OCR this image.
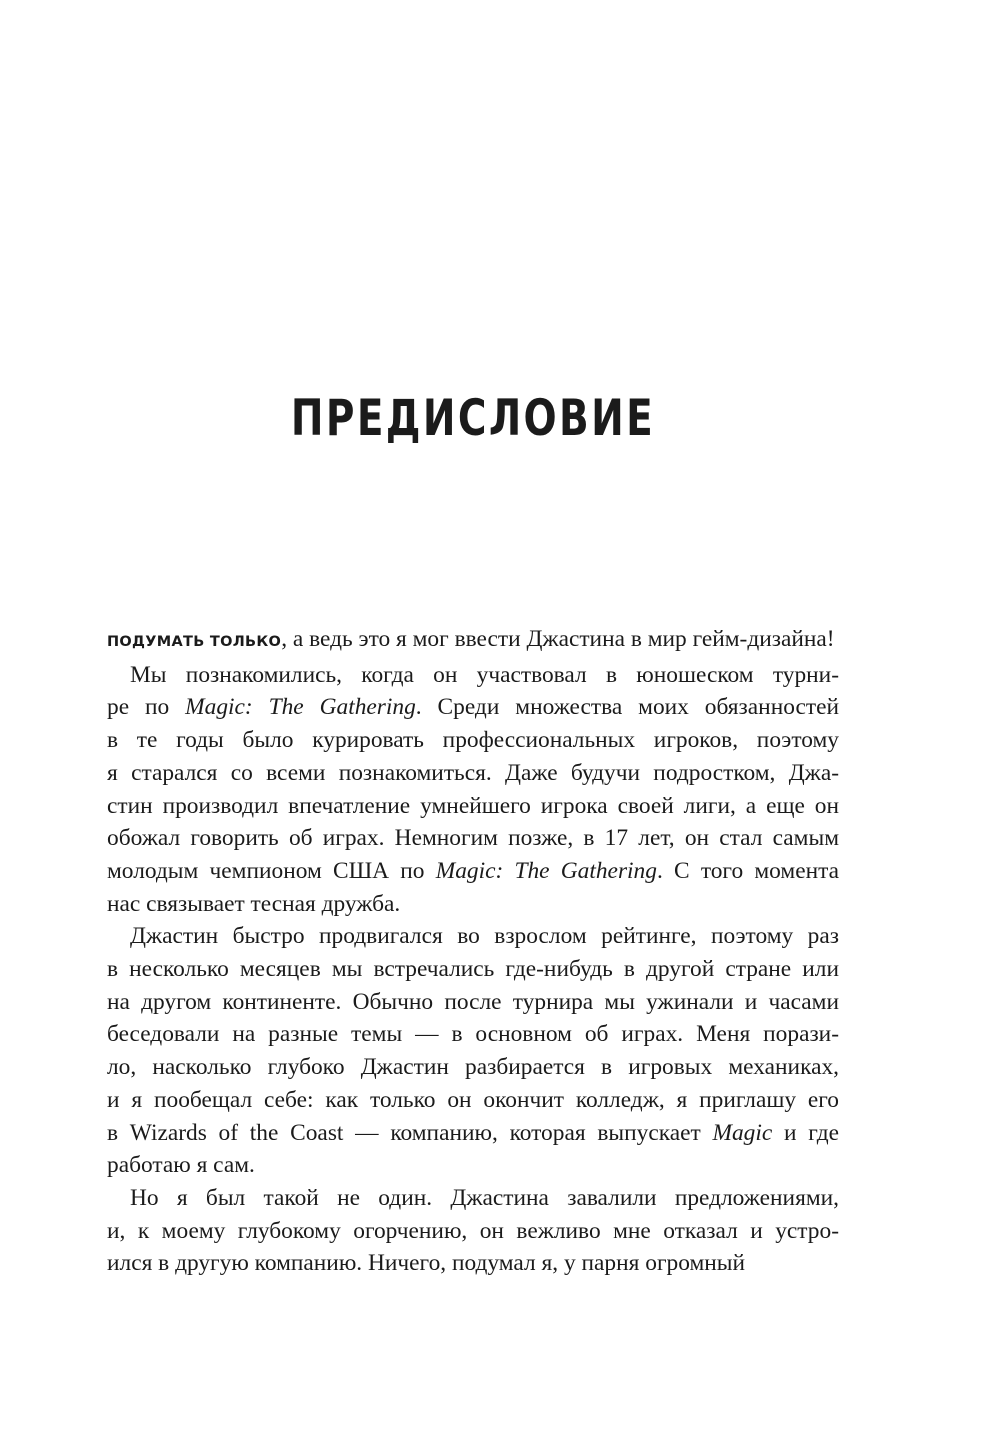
ПРЕДИСЛОВИЕ
ПОДУМАТЬ ТОЛЬКО, а ведь это я мог ввести Джастина в мир гейм-дизайна!
Мы познакомились, когда он участвовал в юношеском турни-
ре по Magic: The Gathering. Среди множества моих обязанностей
в те годы было курировать профессиональных игроков, поэтому
я старался со всеми познакомиться. Даже будучи подростком, Джа-
стин производил впечатление умнейшего игрока своей лиги, а еще он
обожал говорить об играх. Немногим позже, в 17 лет, он стал самым
молодым чемпионом США по Magic: The Gathering. С того момента
нас связывает тесная дружба.
Джастин быстро продвигался во взрослом рейтинге, поэтому раз
в несколько месяцев мы встречались где-нибудь в другой стране или
на другом континенте. Обычно после турнира мы ужинали и часами
беседовали на разные темы — в основном об играх. Меня порази-
ло, насколько глубоко Джастин разбирается в игровых механиках,
и я пообещал себе: как только он окончит колледж, я приглашу его
в Wizards of the Coast — компанию, которая выпускает Magic и где
работаю я сам.
Но я был такой не один. Джастина завалили предложениями,
и, к моему глубокому огорчению, он вежливо мне отказал и устро-
ился в другую компанию. Ничего, подумал я, у парня огромный
